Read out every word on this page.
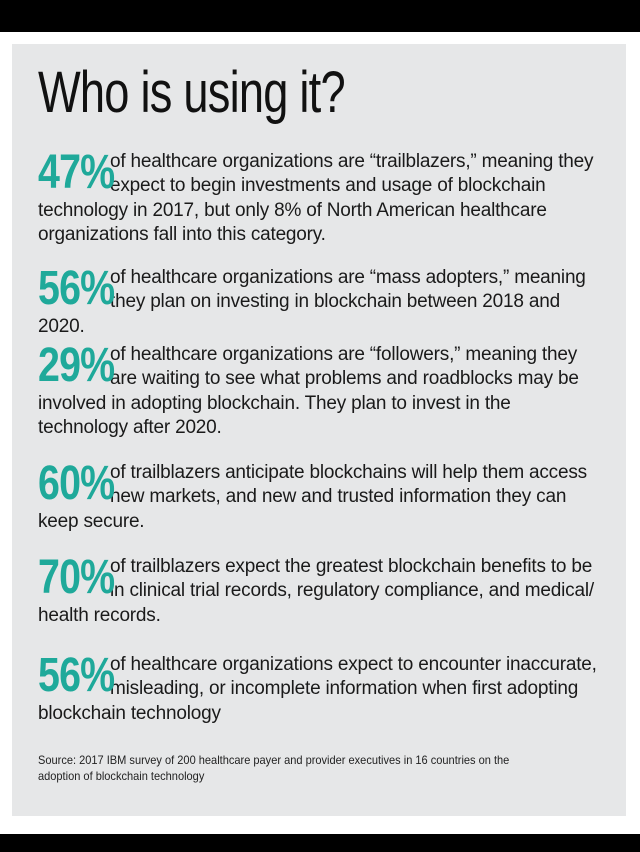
Who is using it?
47%
of healthcare organizations are “trailblazers,” meaning they expect to begin investments and usage of blockchain technology in 2017, but only 8% of North American healthcare organizations fall into this category.
56%
of healthcare organizations are “mass adopters,” meaning they plan on investing in blockchain between 2018 and 2020.
29%
of healthcare organizations are “followers,” meaning they are waiting to see what problems and roadblocks may be involved in adopting blockchain. They plan to invest in the technology after 2020.
60%
of trailblazers anticipate blockchains will help them access new markets, and new and trusted information they can keep secure.
70%
of trailblazers expect the greatest blockchain benefits to be in clinical trial records, regulatory compliance, and medical/ health records.
56%
of healthcare organizations expect to encounter inaccurate, misleading, or incomplete information when first adopting blockchain technology
Source: 2017 IBM survey of 200 healthcare payer and provider executives in 16 countries on the adoption of blockchain technology
